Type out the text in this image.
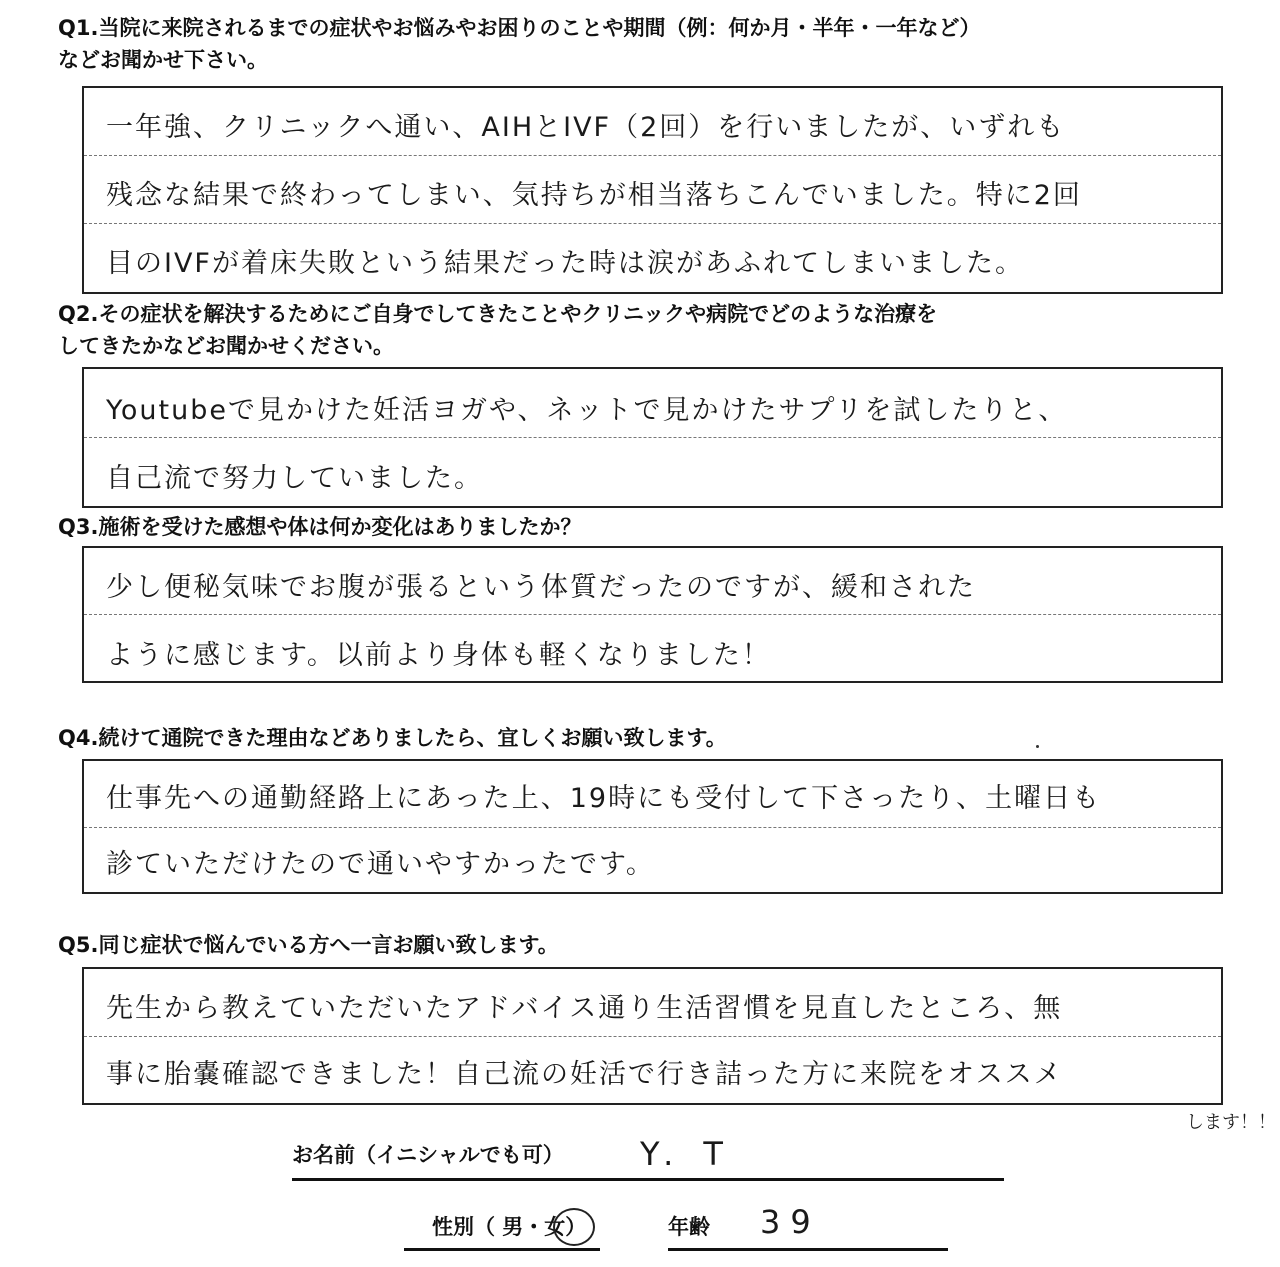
Q1.当院に来院されるまでの症状やお悩みやお困りのことや期間（例：何か月・半年・一年など）
などお聞かせ下さい。
一年強、クリニックへ通い、AIHとIVF（2回）を行いましたが、いずれも
残念な結果で終わってしまい、気持ちが相当落ちこんでいました。特に2回
目のIVFが着床失敗という結果だった時は涙があふれてしまいました。
Q2.その症状を解決するためにご自身でしてきたことやクリニックや病院でどのような治療を
してきたかなどお聞かせください。
Youtubeで見かけた妊活ヨガや、ネットで見かけたサプリを試したりと、
自己流で努力していました。
Q3.施術を受けた感想や体は何か変化はありましたか？
少し便秘気味でお腹が張るという体質だったのですが、緩和された
ように感じます。以前より身体も軽くなりました！
Q4.続けて通院できた理由などありましたら、宜しくお願い致します。
仕事先への通勤経路上にあった上、19時にも受付して下さったり、土曜日も
診ていただけたので通いやすかったです。
Q5.同じ症状で悩んでいる方へ一言お願い致します。
先生から教えていただいたアドバイス通り生活習慣を見直したところ、無
事に胎嚢確認できました！自己流の妊活で行き詰った方に来院をオススメ
します！！
お名前（イニシャルでも可） Y. T
性別（ 男・女）	年齢 39
